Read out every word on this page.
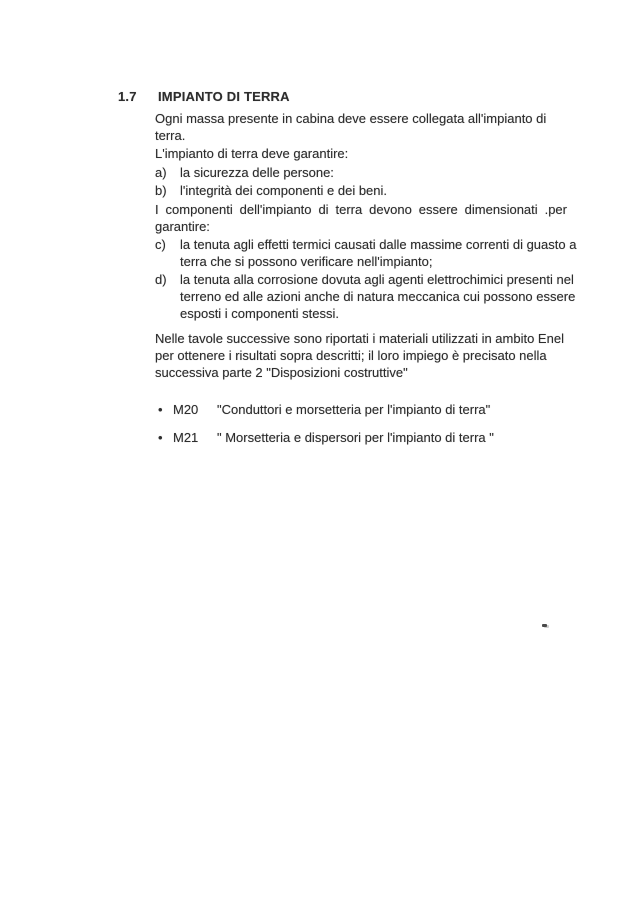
1.7	IMPIANTO DI TERRA
Ogni massa presente in cabina deve essere collegata all'impianto di
terra.
L'impianto di terra deve garantire:
a)	la sicurezza delle persone:
b)	l'integrità dei componenti e dei beni.
I componenti dell'impianto di terra devono essere dimensionati .per
garantire:
c)	la tenuta agli effetti termici causati dalle massime correnti di guasto a
terra che si possono verificare nell'impianto;
d)	la tenuta alla corrosione dovuta agli agenti elettrochimici presenti nel
terreno ed alle azioni anche di natura meccanica cui possono essere
esposti i componenti stessi.
Nelle tavole successive sono riportati i materiali utilizzati in ambito Enel
per ottenere i risultati sopra descritti; il loro impiego è precisato nella
successiva parte 2 "Disposizioni costruttive"
• M20	"Conduttori e morsetteria per l'impianto di terra"
• M21	" Morsetteria e dispersori per l'impianto di terra "
